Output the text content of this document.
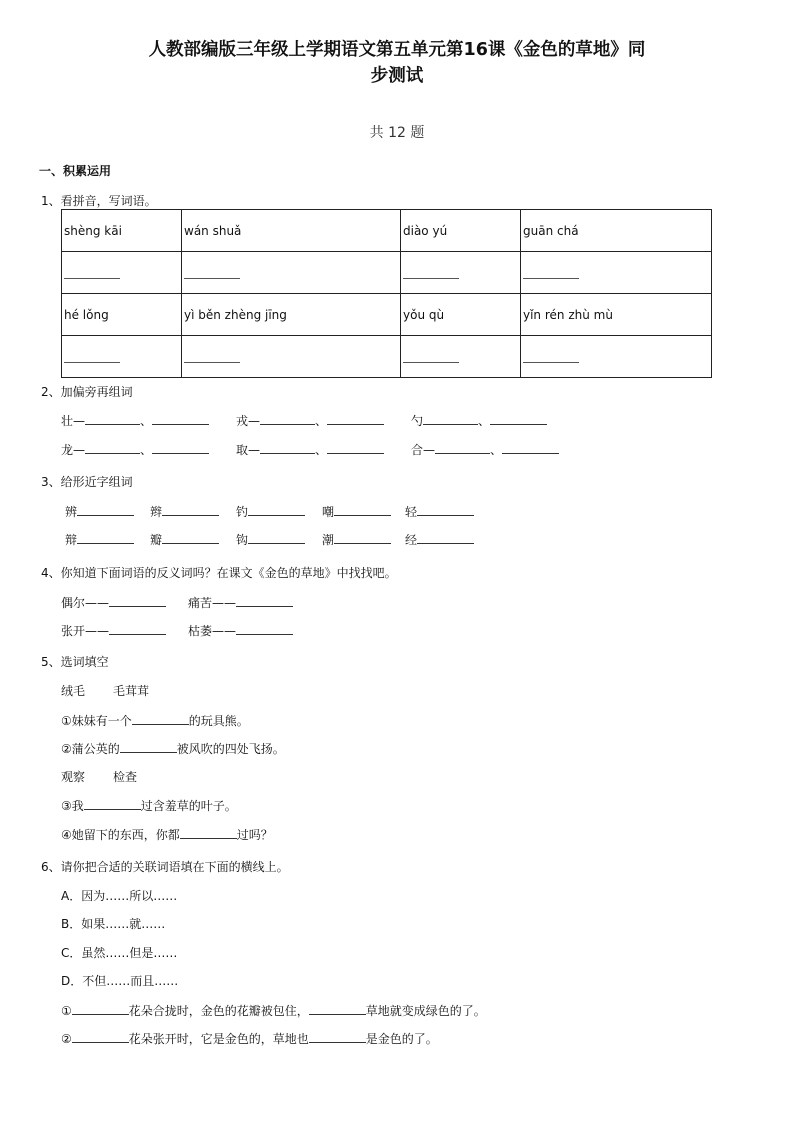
人教部编版三年级上学期语文第五单元第16课《金色的草地》同
步测试
共 12 题
一、积累运用
1、看拼音，写词语。
shèng kāi	wán shuǎ	diào yú	guān chá

hé lǒng	yì běn zhèng jīng	yǒu qù	yǐn rén zhù mù

2、加偏旁再组词
壮—	、	戎—	、	勺	、
龙—	、	取—	、	合—	、
3、给形近字组词
辨	辫	钓	嘲	轻
辩	瓣	钩	潮	经
4、你知道下面词语的反义词吗？在课文《金色的草地》中找找吧。
偶尔——	痛苦——
张开——	枯萎——
5、选词填空
绒毛 毛茸茸
①妹妹有一个	的玩具熊。
②蒲公英的	被风吹的四处飞扬。
观察 检查
③我	过含羞草的叶子。
④她留下的东西，你都	过吗？
6、请你把合适的关联词语填在下面的横线上。
A．因为……所以……
B．如果……就……
C．虽然……但是……
D．不但……而且……
①	花朵合拢时，金色的花瓣被包住，	草地就变成绿色的了。
②	花朵张开时，它是金色的，草地也	是金色的了。
